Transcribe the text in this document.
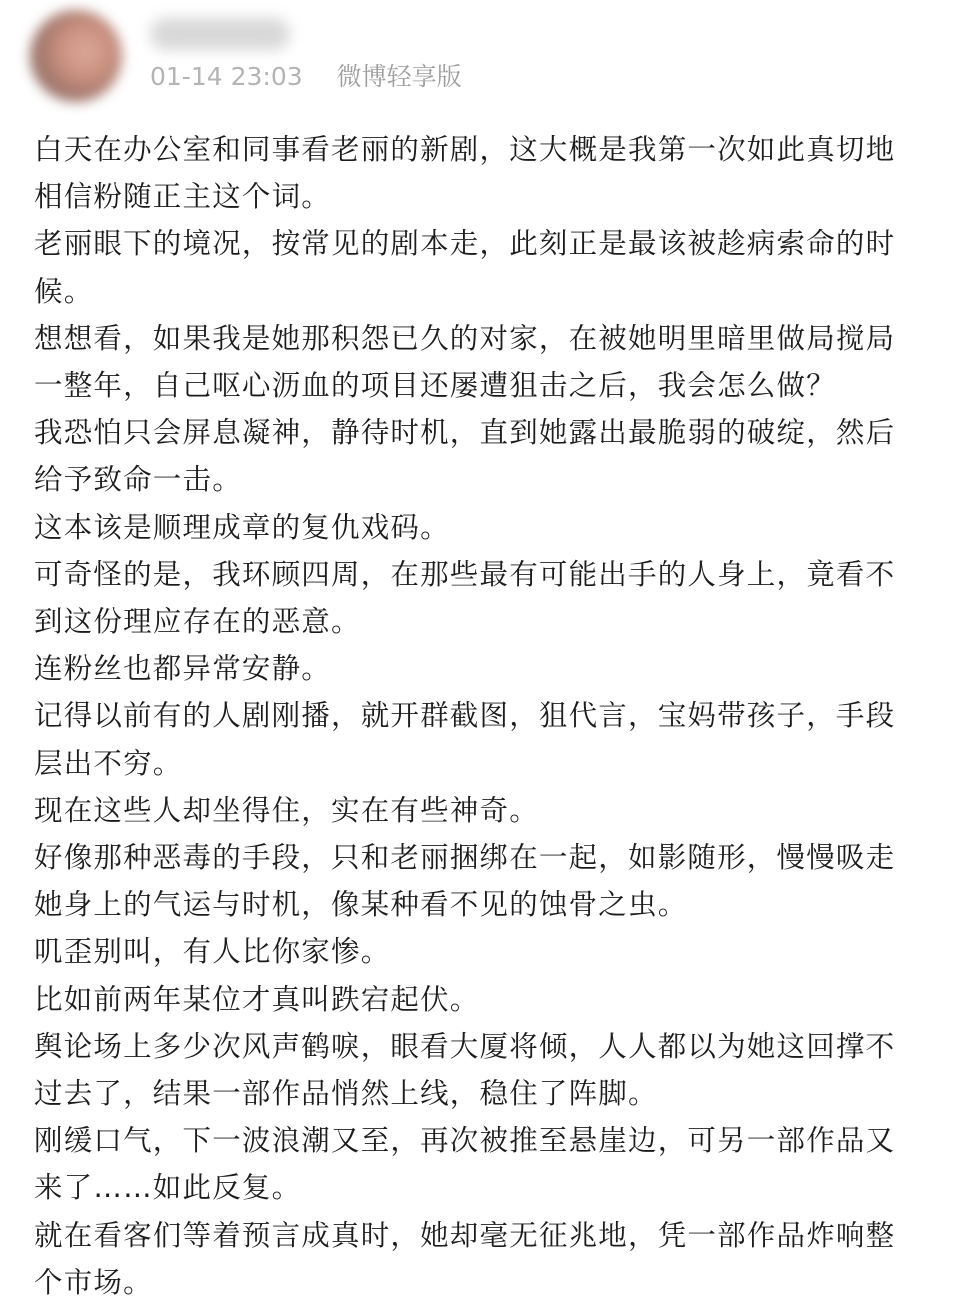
01-14 23:03 微博轻享版

白天在办公室和同事看老丽的新剧，这大概是我第一次如此真切地相信粉随正主这个词。

老丽眼下的境况，按常见的剧本走，此刻正是最该被趁病索命的时候。

想想看，如果我是她那积怨已久的对家，在被她明里暗里做局搅局一整年，自己呕心沥血的项目还屡遭狙击之后，我会怎么做？

我恐怕只会屏息凝神，静待时机，直到她露出最脆弱的破绽，然后给予致命一击。

这本该是顺理成章的复仇戏码。

可奇怪的是，我环顾四周，在那些最有可能出手的人身上，竟看不到这份理应存在的恶意。

连粉丝也都异常安静。

记得以前有的人剧刚播，就开群截图，狙代言，宝妈带孩子，手段层出不穷。

现在这些人却坐得住，实在有些神奇。

好像那种恶毒的手段，只和老丽捆绑在一起，如影随形，慢慢吸走她身上的气运与时机，像某种看不见的蚀骨之虫。

叽歪别叫，有人比你家惨。

比如前两年某位才真叫跌宕起伏。

舆论场上多少次风声鹤唳，眼看大厦将倾，人人都以为她这回撑不过去了，结果一部作品悄然上线，稳住了阵脚。

刚缓口气，下一波浪潮又至，再次被推至悬崖边，可另一部作品又来了……如此反复。

就在看客们等着预言成真时，她却毫无征兆地，凭一部作品炸响整个市场。
